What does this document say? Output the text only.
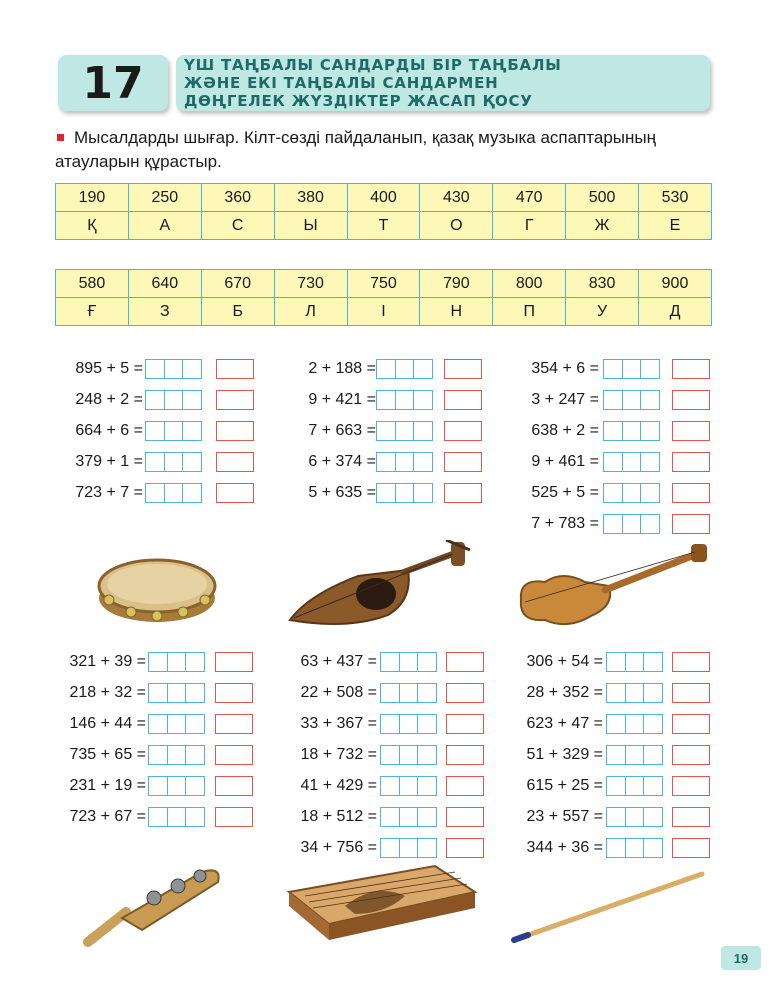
17	ҮШ ТАҢБАЛЫ САНДАРДЫ БІР ТАҢБАЛЫ
ЖӘНЕ ЕКІ ТАҢБАЛЫ САНДАРМЕН
ДӨҢГЕЛЕК ЖҮЗДІКТЕР ЖАСАП ҚОСУ
Мысалдарды шығар. Кілт-сөзді пайдаланып, қазақ музыка аспаптарының
атауларын құрастыр.
190	250	360	380	400	430	470	500	530
Қ	А	С	Ы	Т	О	Г	Ж	Е
580	640	670	730	750	790	800	830	900
Ғ	З	Б	Л	І	Н	П	У	Д
895 + 5 =
248 + 2 =
664 + 6 =
379 + 1 =
723 + 7 =
2 + 188 =
9 + 421 =
7 + 663 =
6 + 374 =
5 + 635 =
354 + 6 =
3 + 247 =
638 + 2 =
9 + 461 =
525 + 5 =
7 + 783 =
321 + 39 =
218 + 32 =
146 + 44 =
735 + 65 =
231 + 19 =
723 + 67 =
63 + 437 =
22 + 508 =
33 + 367 =
18 + 732 =
41 + 429 =
18 + 512 =
34 + 756 =
306 + 54 =
28 + 352 =
623 + 47 =
51 + 329 =
615 + 25 =
23 + 557 =
344 + 36 =
19
